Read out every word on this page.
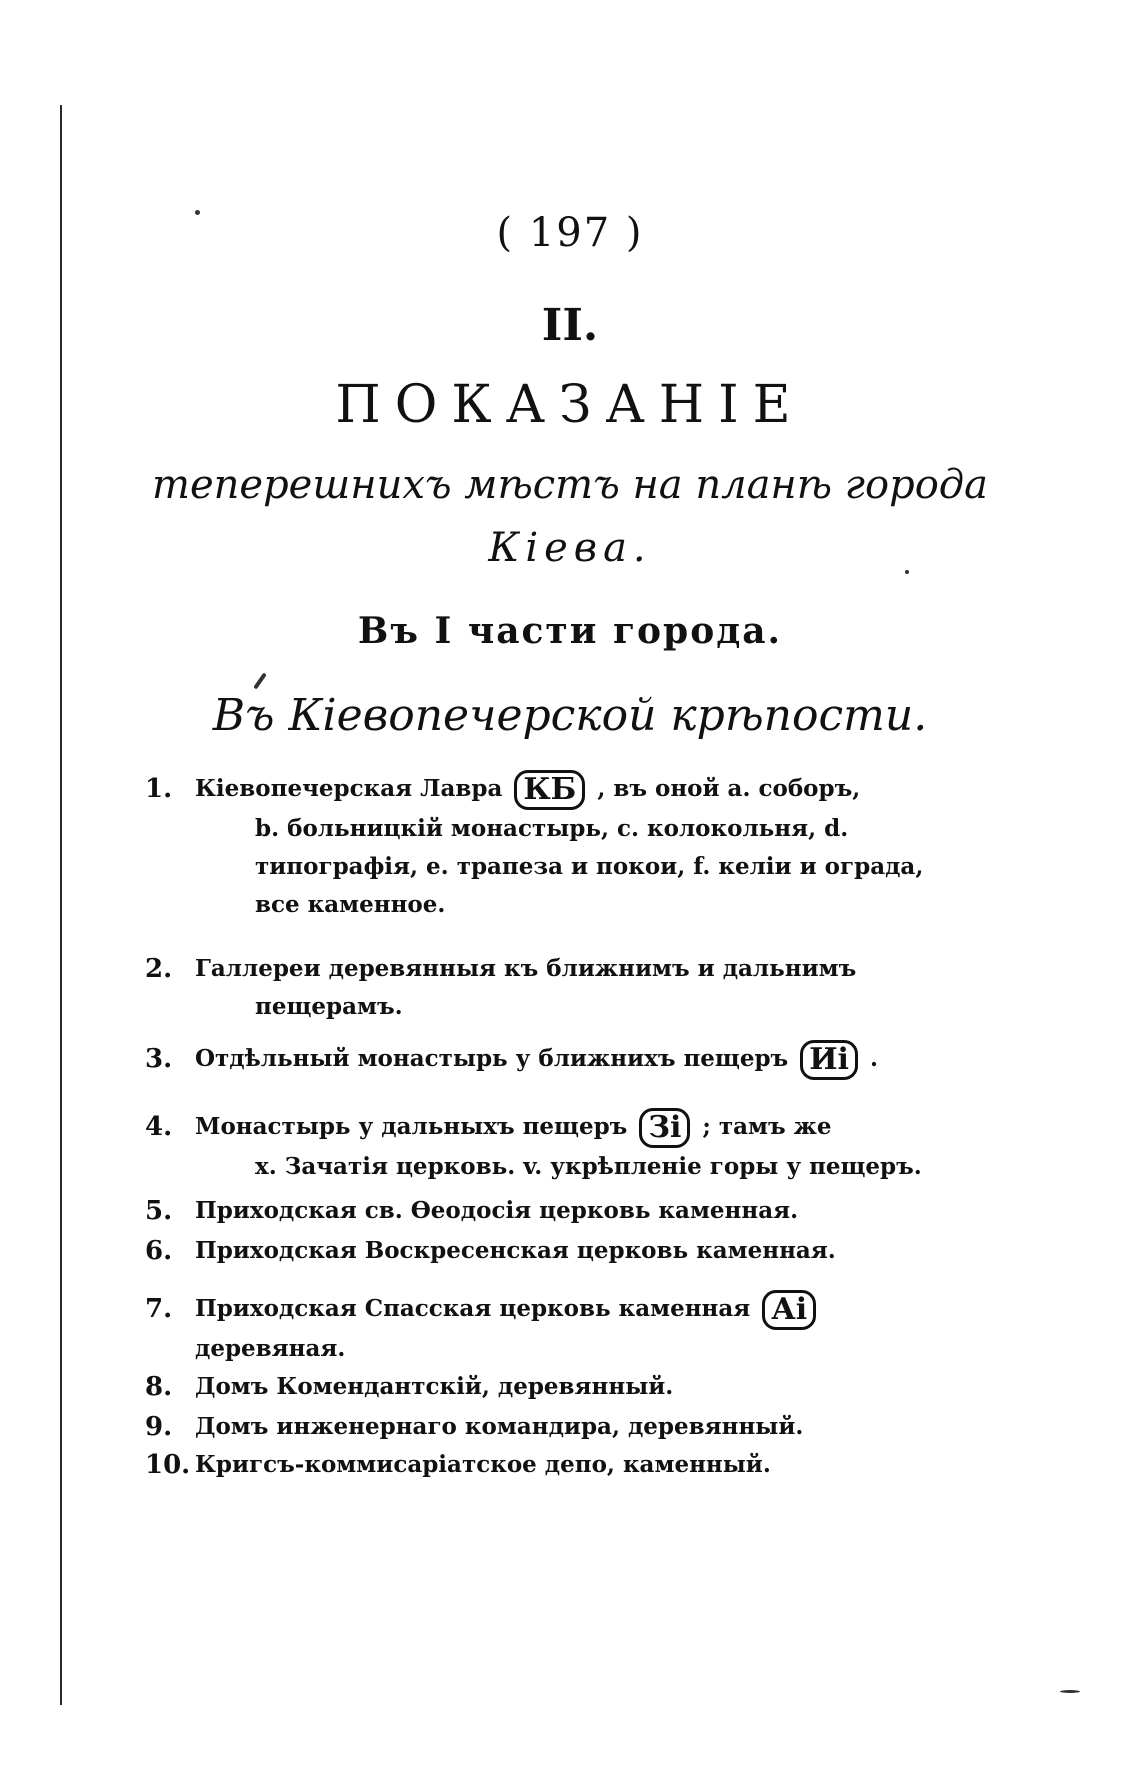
( 197 )
II.
ПОКАЗАНІЕ
теперешнихъ мѣстъ на планѣ города
Кіева.
Въ I части города.
Въ Кіевопечерской крѣпости.
1. Кіевопечерская Лавра КБ , въ оной a. соборъ,
b. больницкій монастырь, c. колокольня, d. типографія, e. трапеза и покои, f. келіи и ограда, все каменное.
2. Галлереи деревянныя къ ближнимъ и дальнимъ
пещерамъ.
3. Отдѣльный монастырь у ближнихъ пещеръ Иі .
4. Монастырь у дальныхъ пещеръ Зі ; тамъ же
x. Зачатія церковь. v. укрѣпленіе горы у пещеръ.
5. Приходская св. Ѳеодосія церковь каменная.
6. Приходская Воскресенская церковь каменная.
7. Приходская Спасская церковь каменная Аі деревяная.
8. Домъ Комендантскій, деревянный.
9. Домъ инженернаго командира, деревянный.
10. Кригсъ-коммисаріатское депо, каменный.
